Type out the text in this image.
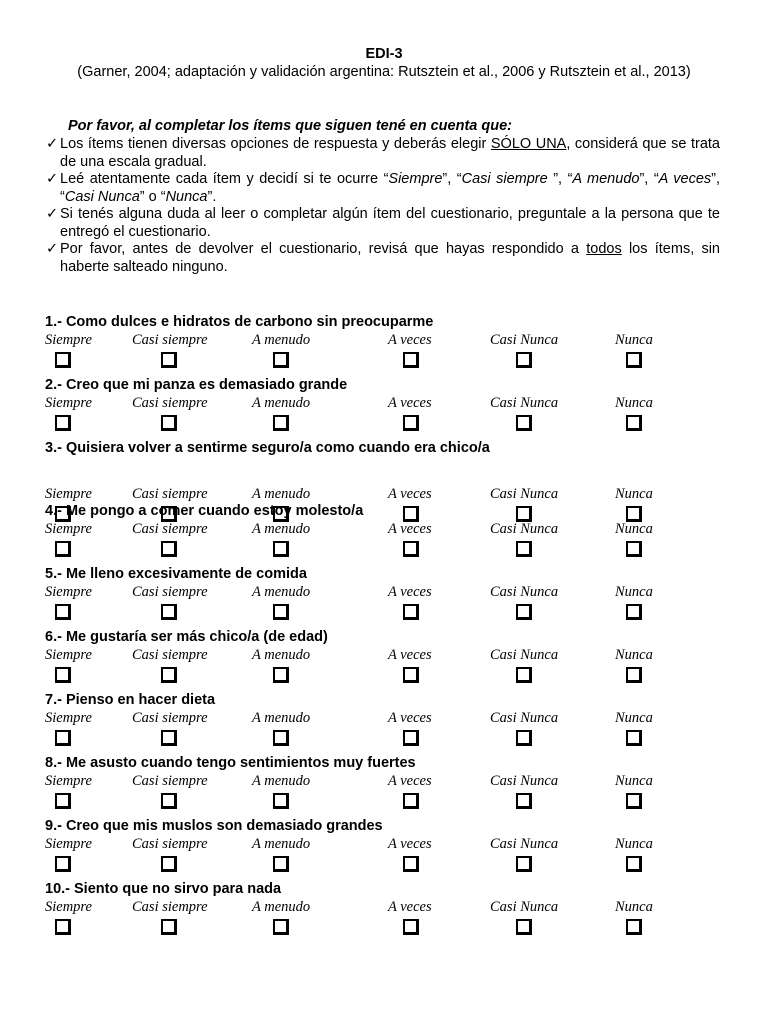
EDI-3
(Garner, 2004; adaptación y validación argentina: Rutsztein et al., 2006 y Rutsztein et al., 2013)
Por favor, al completar los ítems que siguen tené en cuenta que:
✓ Los ítems tienen diversas opciones de respuesta y deberás elegir SÓLO UNA, considerá que se trata de una escala gradual.
✓ Leé atentamente cada ítem y decidí si te ocurre “Siempre”, “Casi siempre ”, “A menudo”, “A veces”, “Casi Nunca” o “Nunca”.
✓ Si tenés alguna duda al leer o completar algún ítem del cuestionario, preguntale a la persona que te entregó el cuestionario.
✓ Por favor, antes de devolver el cuestionario, revisá que hayas respondido a todos los ítems, sin haberte salteado ninguno.
1.- Como dulces e hidratos de carbono sin preocuparme
Siempre	Casi siempre	A menudo	A veces	Casi Nunca	Nunca
2.- Creo que mi panza es demasiado grande
Siempre	Casi siempre	A menudo	A veces	Casi Nunca	Nunca
3.- Quisiera volver a sentirme seguro/a como cuando era chico/a
Siempre	Casi siempre	A menudo	A veces	Casi Nunca	Nunca
4.- Me pongo a comer cuando estoy molesto/a
Siempre	Casi siempre	A menudo	A veces	Casi Nunca	Nunca
5.- Me lleno excesivamente de comida
Siempre	Casi siempre	A menudo	A veces	Casi Nunca	Nunca
6.- Me gustaría ser más chico/a (de edad)
Siempre	Casi siempre	A menudo	A veces	Casi Nunca	Nunca
7.- Pienso en hacer dieta
Siempre	Casi siempre	A menudo	A veces	Casi Nunca	Nunca
8.- Me asusto cuando tengo sentimientos muy fuertes
Siempre	Casi siempre	A menudo	A veces	Casi Nunca	Nunca
9.- Creo que mis muslos son demasiado grandes
Siempre	Casi siempre	A menudo	A veces	Casi Nunca	Nunca
10.- Siento que no sirvo para nada
Siempre	Casi siempre	A menudo	A veces	Casi Nunca	Nunca
